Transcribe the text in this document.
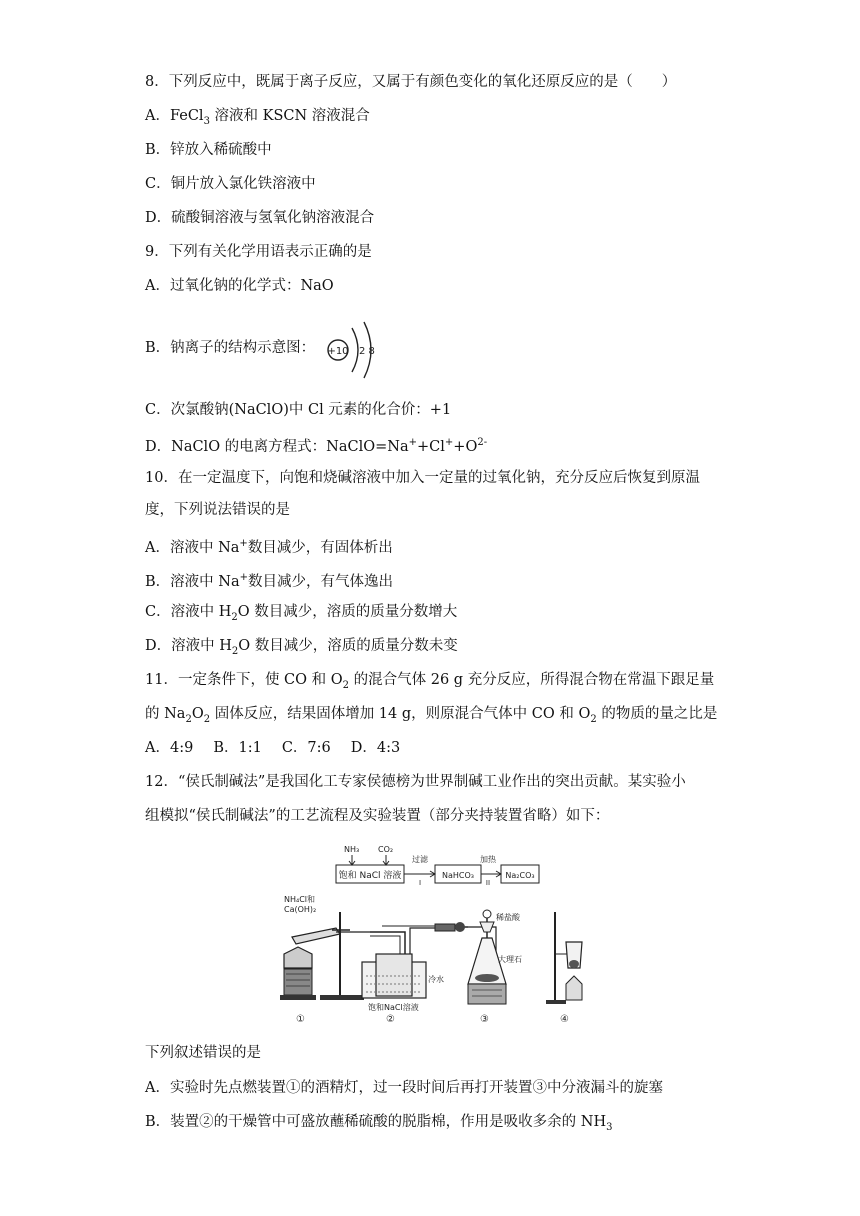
8．下列反应中，既属于离子反应，又属于有颜色变化的氧化还原反应的是（　　）
A．FeCl$_3$ 溶液和 KSCN 溶液混合
B．锌放入稀硫酸中
C．铜片放入氯化铁溶液中
D．硫酸铜溶液与氢氧化钠溶液混合
9．下列有关化学用语表示正确的是
A．过氧化钠的化学式：NaO
B．钠离子的结构示意图： +10 2 8
C．次氯酸钠(NaClO)中 Cl 元素的化合价：+1
D．NaClO 的电离方程式：$NaClO=Na^++Cl^++O^{2-}$
10．在一定温度下，向饱和烧碱溶液中加入一定量的过氧化钠，充分反应后恢复到原温
度，下列说法错误的是
A．溶液中 Na+数目减少，有固体析出
B．溶液中 Na+数目减少，有气体逸出
C．溶液中 $H_2O$ 数目减少，溶质的质量分数增大
D．溶液中 $H_2O$ 数目减少，溶质的质量分数未变
11．一定条件下，使 CO 和 $O_2$ 的混合气体 26 g 充分反应，所得混合物在常温下跟足量
的 $Na_2O_2$ 固体反应，结果固体增加 14 g，则原混合气体中 CO 和 $O_2$ 的物质的量之比是
A．4:9 B．1:1 C．7:6 D．4:3
12．“侯氏制碱法”是我国化工专家侯德榜为世界制碱工业作出的突出贡献。某实验小
组模拟“侯氏制碱法”的工艺流程及实验装置（部分夹持装置省略）如下：
NH₃ CO₂
饱和 NaCl 溶液
过滤
I
NaHCO₃
加热
II
Na₂CO₃
NH₄Cl和
Ca(OH)₂
冷水
饱和NaCl溶液
稀盐酸
大理石
①	②	③	④
下列叙述错误的是
A．实验时先点燃装置①的酒精灯，过一段时间后再打开装置③中分液漏斗的旋塞
B．装置②的干燥管中可盛放蘸稀硫酸的脱脂棉，作用是吸收多余的 $NH_3$
